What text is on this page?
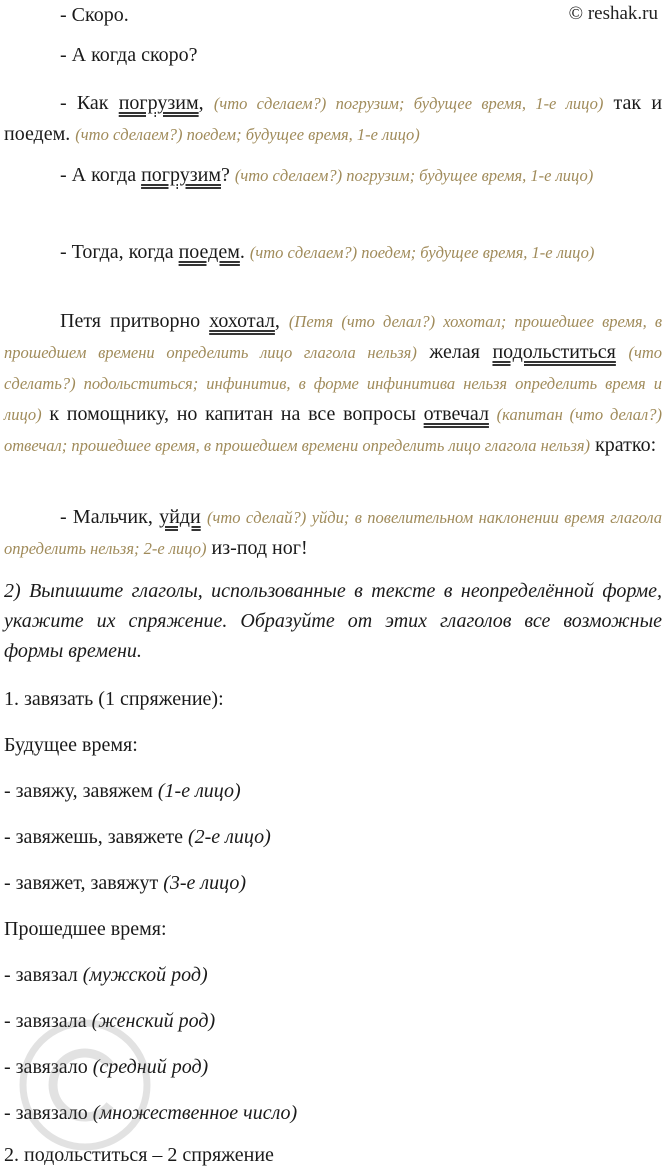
© reshak.ru

- Скоро.

- А когда скоро?

- Как погрузим, (что сделаем?) погрузим; будущее время, 1-е лицо) так и поедем. (что сделаем?) поедем; будущее время, 1-е лицо)

- А когда погрузим? (что сделаем?) погрузим; будущее время, 1-е лицо)

- Тогда, когда поедем. (что сделаем?) поедем; будущее время, 1-е лицо)

Петя притворно хохотал, (Петя (что делал?) хохотал; прошедшее время, в прошедшем времени определить лицо глагола нельзя) желая подольститься (что сделать?) подольститься; инфинитив, в форме инфинитива нельзя определить время и лицо) к помощнику, но капитан на все вопросы отвечал (капитан (что делал?) отвечал; прошедшее время, в прошедшем времени определить лицо глагола нельзя) кратко:

- Мальчик, уйди (что сделай?) уйди; в повелительном наклонении время глагола определить нельзя; 2-е лицо) из-под ног!

2) Выпишите глаголы, использованные в тексте в неопределённой форме, укажите их спряжение. Образуйте от этих глаголов все возможные формы времени.

1. завязать (1 спряжение):
Будущее время:
- завяжу, завяжем (1-е лицо)
- завяжешь, завяжете (2-е лицо)
- завяжет, завяжут (3-е лицо)
Прошедшее время:
- завязал (мужской род)
- завязала (женский род)
- завязало (средний род)
- завязало (множественное число)
2. подольститься – 2 спряжение
